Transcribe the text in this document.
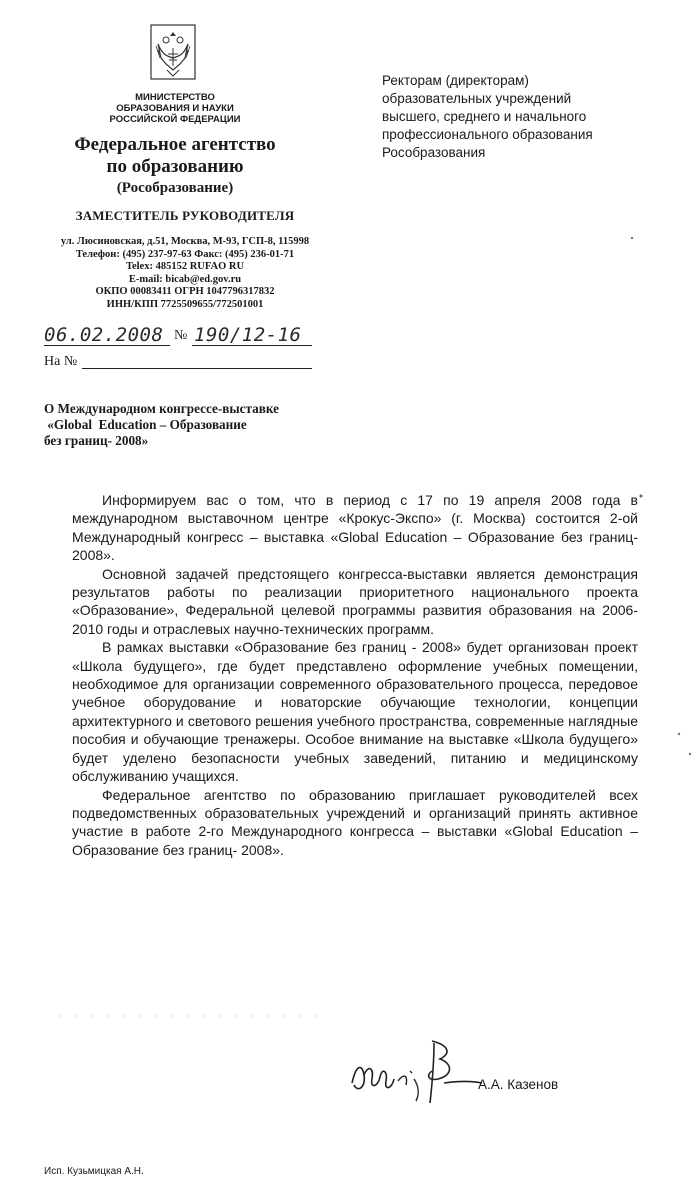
МИНИСТЕРСТВО
ОБРАЗОВАНИЯ И НАУКИ
РОССИЙСКОЙ ФЕДЕРАЦИИ
Федеральное агентство
по образованию
(Рособразование)
ЗАМЕСТИТЕЛЬ РУКОВОДИТЕЛЯ
ул. Люсиновская, д.51, Москва, М-93, ГСП-8, 115998
Телефон: (495) 237-97-63 Факс: (495) 236-01-71
Telex: 485152 RUFAO RU
E-mail: bicab@ed.gov.ru
ОКПО 00083411 ОГРН 1047796317832
ИНН/КПП 7725509655/772501001
06.02.2008 № 190/12-16
На №
Ректорам (директорам)
образовательных учреждений
высшего, среднего и начального
профессионального образования
Рособразования
О Международном конгрессе-выставке
«Global  Education – Образование
без границ- 2008»

Информируем вас о том, что в период с 17 по 19 апреля 2008 года в международном выставочном центре «Крокус-Экспо» (г. Москва) состоится 2-ой Международный конгресс – выставка «Global Education – Образование без границ- 2008».

Основной задачей предстоящего конгресса-выставки является демонстрация результатов работы по реализации приоритетного национального проекта «Образование», Федеральной целевой программы развития образования на 2006-2010 годы и отраслевых научно-технических программ.

В рамках выставки «Образование без границ - 2008» будет организован проект «Школа будущего», где будет представлено оформление учебных помещении, необходимое для организации современного образовательного процесса, передовое учебное оборудование и новаторские обучающие технологии, концепции архитектурного и светового решения учебного пространства, современные наглядные пособия и обучающие тренажеры. Особое внимание на выставке «Школа будущего» будет уделено безопасности учебных заведений, питанию и медицинскому обслуживанию учащихся.

Федеральное агентство по образованию приглашает руководителей всех подведомственных образовательных учреждений и организаций принять активное участие в работе 2-го Международного конгресса – выставки «Global Education – Образование без границ- 2008».

А.А. Казенов
Исп. Кузьмицкая А.Н.
